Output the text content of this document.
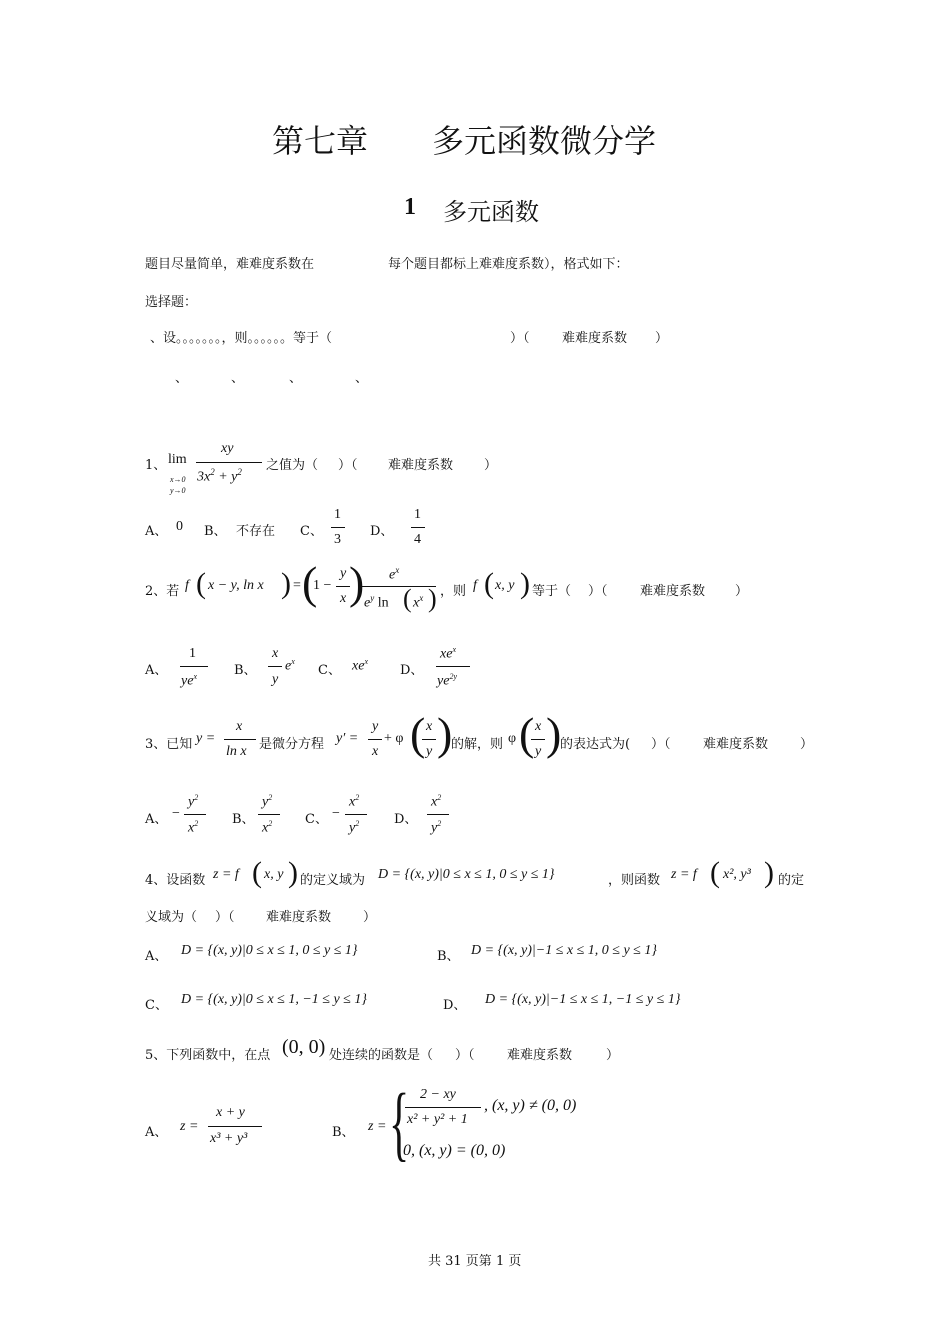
第七章 多元函数微分学
1 多元函数
题目尽量简单，难难度系数在	每个题目都标上难难度系数），格式如下：
选择题：
、设。。。。。。。，则。。。。。。等于（	）（ 难难度系数 ）
、	、	、	、
1、 lim
x→0
y→0
xy
$3x^2 + y^2$ 之值为（ ）（ 难难度系数 ）
A、 0 B、 不存在 C、
1
3
D、
1
4
2、若 f ( x − y, ln x ) = (
1 −
y
x ) $e^x$
$e^y$ ln ( $x^x$ ) ，则 f ( x, y ) 等于（ ）（ 难难度系数 ）
A、
1
$ye^x$	B、
x
y
$e^x$
C、 $xe^x$
D、
$xe^x$
$ye^{2y}$
3、已知 y =
x
ln x 是微分方程 y′ =
y
x
+ φ ( x
y )
的解，则 φ ( x
y )
的表达式为( ）（ 难难度系数 ）
A、 −
$y^2$
$x^2$	B、
$y^2$
$x^2$	C、 −
$x^2$
$y^2$	D、
$x^2$
$y^2$
4、设函数 z = f ( x, y ) 的定义域为 D = {(x, y)|0 ≤ x ≤ 1, 0 ≤ y ≤ 1}	，则函数 z = f ( x², y³ ) 的定
义域为（ ）（ 难难度系数 ）
A、 D = {(x, y)|0 ≤ x ≤ 1, 0 ≤ y ≤ 1}	B、 D = {(x, y)|−1 ≤ x ≤ 1, 0 ≤ y ≤ 1}
C、 D = {(x, y)|0 ≤ x ≤ 1, −1 ≤ y ≤ 1}	D、 D = {(x, y)|−1 ≤ x ≤ 1, −1 ≤ y ≤ 1}
5、下列函数中，在点 (0, 0) 处连续的函数是（ ）（ 难难度系数	）
A、 z =
x + y
x³ + y³	B、 z = { 2 − xy
x² + y² + 1
, (x, y) ≠ (0, 0)
0, (x, y) = (0, 0)
共 31 页第 1 页
